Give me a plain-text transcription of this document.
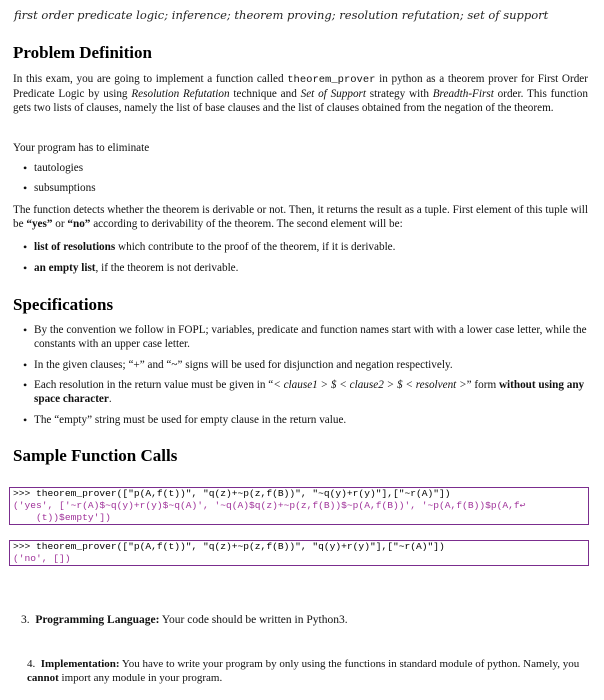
first order predicate logic; inference; theorem proving; resolution refutation; set of support
Problem Definition
In this exam, you are going to implement a function called theorem_prover in python as a theorem prover for First Order Predicate Logic by using Resolution Refutation technique and Set of Support strategy with Breadth-First order. This function gets two lists of clauses, namely the list of base clauses and the list of clauses obtained from the negation of the theorem.
Your program has to eliminate
• tautologies
• subsumptions
The function detects whether the theorem is derivable or not. Then, it returns the result as a tuple. First element of this tuple will be “yes” or “no” according to derivability of the theorem. The second element will be:
• list of resolutions which contribute to the proof of the theorem, if it is derivable.
• an empty list, if the theorem is not derivable.
Specifications
• By the convention we follow in FOPL; variables, predicate and function names start with with a lower case letter, while the constants with an upper case letter.
• In the given clauses; “+” and “~” signs will be used for disjunction and negation respectively.
• Each resolution in the return value must be given in “< clause1 > $ < clause2 > $ < resolvent >” form without using any space character.
• The “empty” string must be used for empty clause in the return value.
Sample Function Calls
>>> theorem_prover(["p(A,f(t))", "q(z)+~p(z,f(B))", "~q(y)+r(y)"],["~r(A)"])
('yes', ['~r(A)$~q(y)+r(y)$~q(A)', '~q(A)$q(z)+~p(z,f(B))$~p(A,f(B))', '~p(A,f(B))$p(A,f↩
(t))$empty'])
>>> theorem_prover(["p(A,f(t))", "q(z)+~p(z,f(B))", "q(y)+r(y)"],["~r(A)"])
('no', [])
3. Programming Language: Your code should be written in Python3.
4. Implementation: You have to write your program by only using the functions in standard module of python. Namely, you cannot import any module in your program.
